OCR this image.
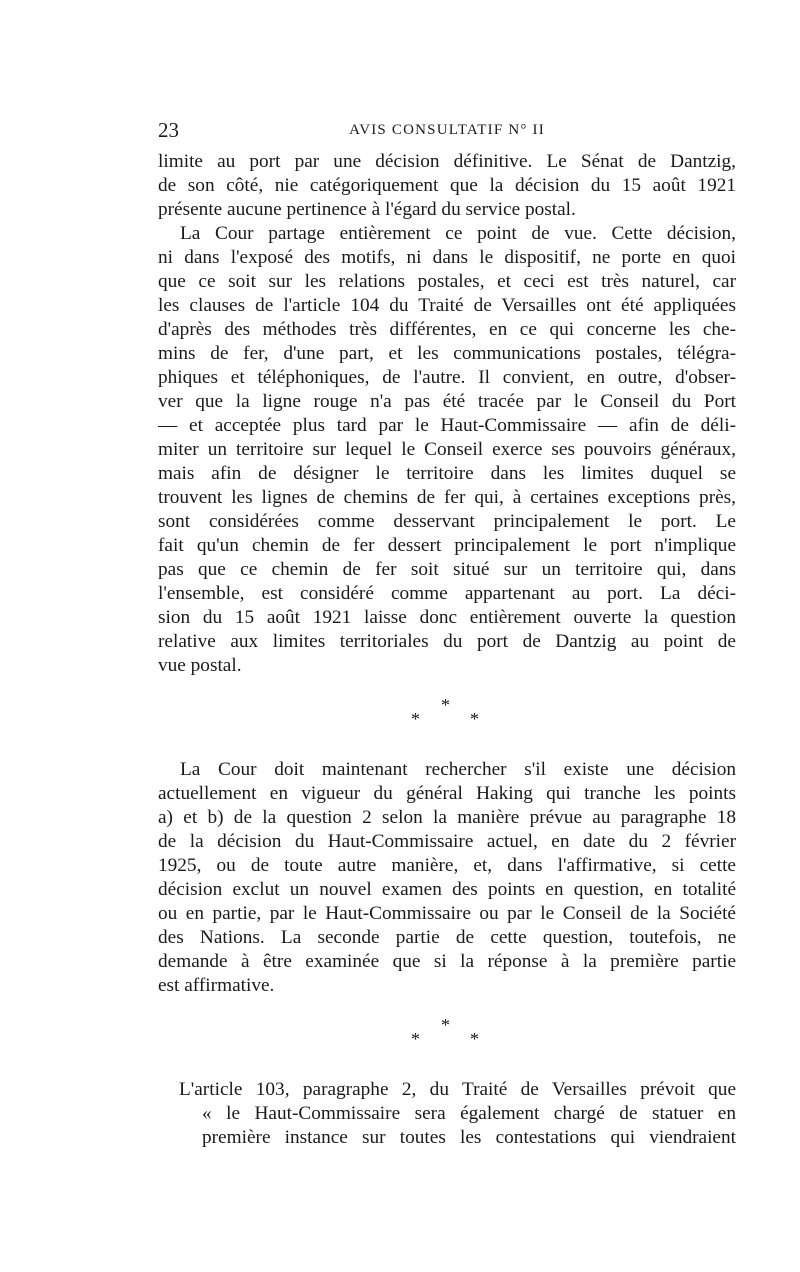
23	AVIS CONSULTATIF N° II

limite au port par une décision définitive. Le Sénat de Dantzig,
de son côté, nie catégoriquement que la décision du 15 août 1921
présente aucune pertinence à l'égard du service postal.

La Cour partage entièrement ce point de vue. Cette décision,
ni dans l'exposé des motifs, ni dans le dispositif, ne porte en quoi
que ce soit sur les relations postales, et ceci est très naturel, car
les clauses de l'article 104 du Traité de Versailles ont été appliquées
d'après des méthodes très différentes, en ce qui concerne les che-
mins de fer, d'une part, et les communications postales, télégra-
phiques et téléphoniques, de l'autre. Il convient, en outre, d'obser-
ver que la ligne rouge n'a pas été tracée par le Conseil du Port
— et acceptée plus tard par le Haut-Commissaire — afin de déli-
miter un territoire sur lequel le Conseil exerce ses pouvoirs généraux,
mais afin de désigner le territoire dans les limites duquel se
trouvent les lignes de chemins de fer qui, à certaines exceptions près,
sont considérées comme desservant principalement le port. Le
fait qu'un chemin de fer dessert principalement le port n'implique
pas que ce chemin de fer soit situé sur un territoire qui, dans
l'ensemble, est considéré comme appartenant au port. La déci-
sion du 15 août 1921 laisse donc entièrement ouverte la question
relative aux limites territoriales du port de Dantzig au point de
vue postal.

*
*	*

La Cour doit maintenant rechercher s'il existe une décision
actuellement en vigueur du général Haking qui tranche les points
a) et b) de la question 2 selon la manière prévue au paragraphe 18
de la décision du Haut-Commissaire actuel, en date du 2 février
1925, ou de toute autre manière, et, dans l'affirmative, si cette
décision exclut un nouvel examen des points en question, en totalité
ou en partie, par le Haut-Commissaire ou par le Conseil de la Société
des Nations. La seconde partie de cette question, toutefois, ne
demande à être examinée que si la réponse à la première partie
est affirmative.

*
*	*

L'article 103, paragraphe 2, du Traité de Versailles prévoit que
« le Haut-Commissaire sera également chargé de statuer en
première instance sur toutes les contestations qui viendraient
